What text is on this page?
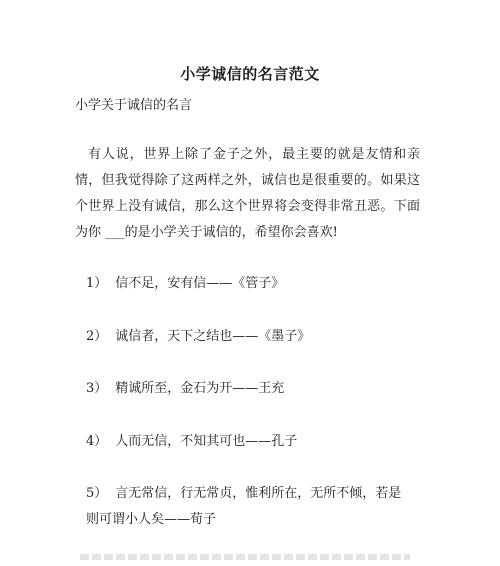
小学诚信的名言范文
小学关于诚信的名言
有人说，世界上除了金子之外，最主要的就是友情和亲情，但我觉得除了这两样之外，诚信也是很重要的。如果这个世界上没有诚信，那么这个世界将会变得非常丑恶。下面为你 ___的是小学关于诚信的，希望你会喜欢!
1） 信不足，安有信——《管子》
2） 诚信者，天下之结也——《墨子》
3） 精诚所至，金石为开——王充
4） 人而无信，不知其可也——孔子
5） 言无常信，行无常贞，惟利所在，无所不倾，若是则可谓小人矣——荀子
